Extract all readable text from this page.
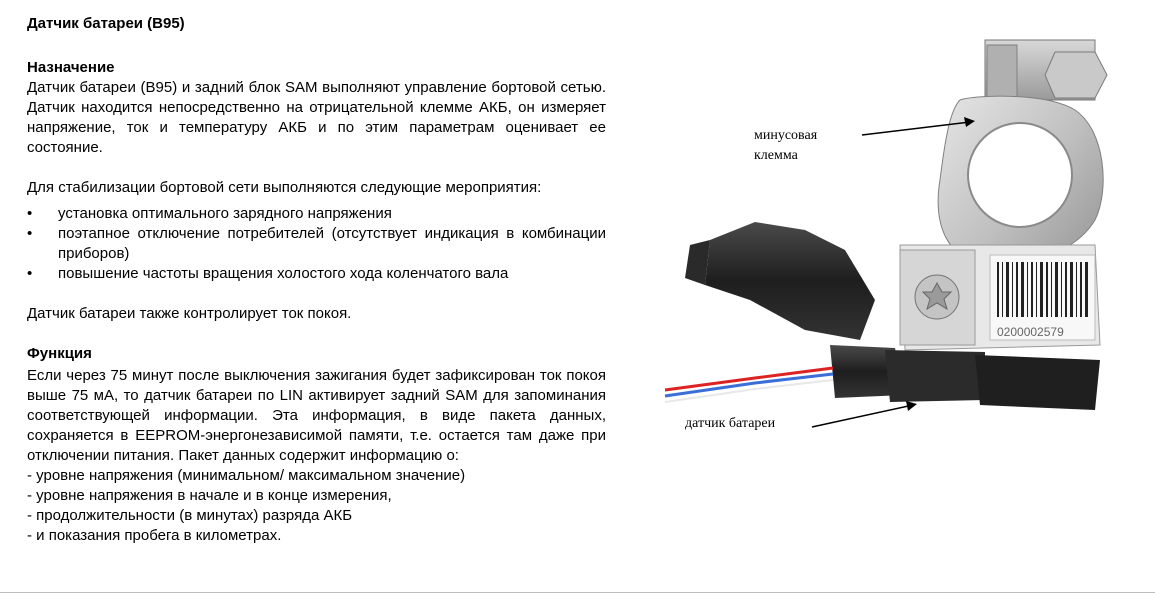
Датчик батареи (В95)
Назначение

Датчик батареи (В95) и задний блок SAM выполняют управление бортовой сетью. Датчик находится непосредственно на отрицательной клемме АКБ, он измеряет напряжение, ток и температуру АКБ и по этим параметрам оценивает ее состояние.

Для стабилизации бортовой сети выполняются следующие мероприятия:

• установка оптимального зарядного напряжения
• поэтапное отключение потребителей (отсутствует индикация в комбинации приборов)
• повышение частоты вращения холостого хода коленчатого вала

Датчик батареи также контролирует ток покоя.

Функция

Если через 75 минут после выключения зажигания будет зафиксирован ток покоя выше 75 мА, то датчик батареи по LIN активирует задний SAM для запоминания соответствующей информации. Эта информация, в виде пакета данных, сохраняется в EEPROM-энергонезависимой памяти, т.е. остается там даже при отключении питания. Пакет данных содержит информацию о:

- уровне напряжения (минимальном/ максимальном значение)
- уровне напряжения в начале и в конце измерения,
- продолжительности (в минутах) разряда АКБ
- и показания пробега в километрах.
0200002579
минусовая
клемма
датчик батареи
